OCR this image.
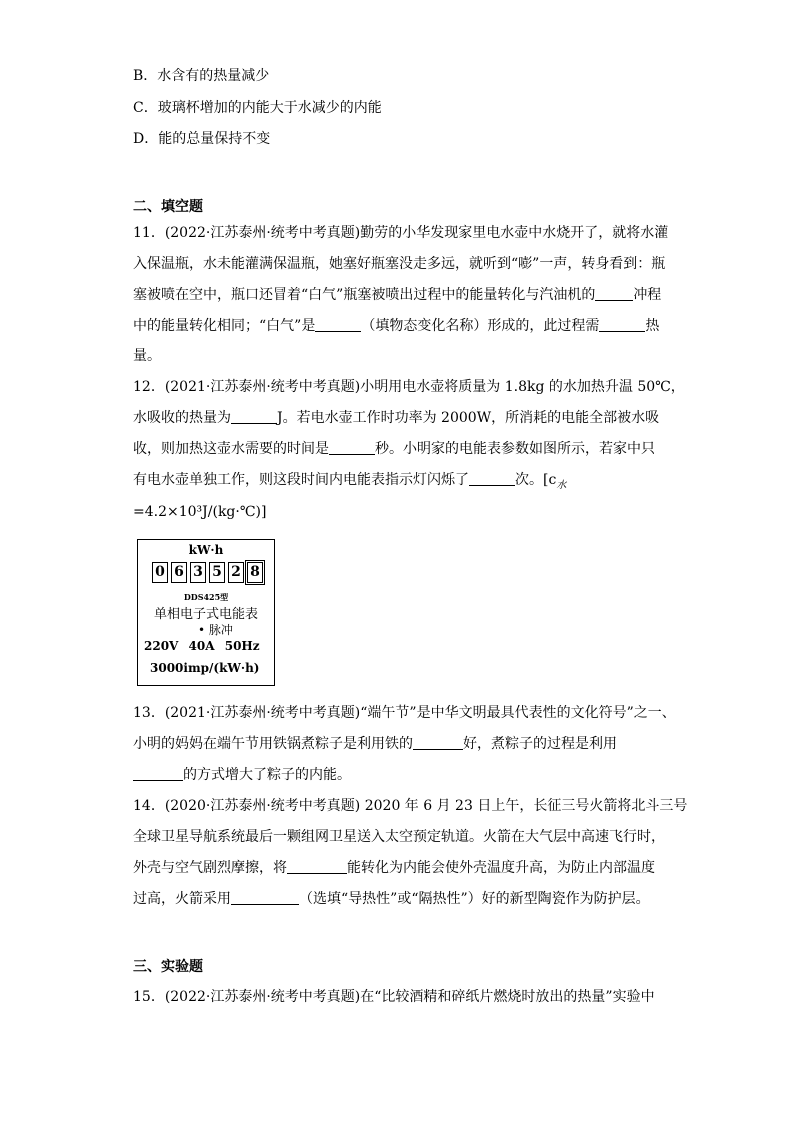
B．水含有的热量减少
C．玻璃杯增加的内能大于水减少的内能
D．能的总量保持不变
二、填空题
11．(2022·江苏泰州·统考中考真题)勤劳的小华发现家里电水壶中水烧开了，就将水灌
入保温瓶，水未能灌满保温瓶，她塞好瓶塞没走多远，就听到“嘭”一声，转身看到：瓶
塞被喷在空中，瓶口还冒着“白气”瓶塞被喷出过程中的能量转化与汽油机的	冲程
中的能量转化相同；“白气”是	（填物态变化名称）形成的，此过程需	热
量。
12．(2021·江苏泰州·统考中考真题)小明用电水壶将质量为 1.8kg 的水加热升温 50℃，
水吸收的热量为	J。若电水壶工作时功率为 2000W，所消耗的电能全部被水吸
收，则加热这壶水需要的时间是	秒。小明家的电能表参数如图所示，若家中只
有电水壶单独工作，则这段时间内电能表指示灯闪烁了	次。[$c_水$
=4.2×10³J/(kg·℃)]
kW·h
0 6 3 5 2 8
DDS425型
单相电子式电能表
• 脉冲
220V 40A 50Hz
3000imp/(kW·h)
13．(2021·江苏泰州·统考中考真题)“端午节”是中华文明最具代表性的文化符号”之一、
小明的妈妈在端午节用铁锅煮粽子是利用铁的	好，煮粽子的过程是利用
的方式增大了粽子的内能。
14．(2020·江苏泰州·统考中考真题) 2020 年 6 月 23 日上午，长征三号火箭将北斗三号
全球卫星导航系统最后一颗组网卫星送入太空预定轨道。火箭在大气层中高速飞行时，
外壳与空气剧烈摩擦，将	能转化为内能会使外壳温度升高，为防止内部温度
过高，火箭采用	（选填“导热性”或“隔热性”）好的新型陶瓷作为防护层。
三、实验题
15．(2022·江苏泰州·统考中考真题)在“比较酒精和碎纸片燃烧时放出的热量”实验中
